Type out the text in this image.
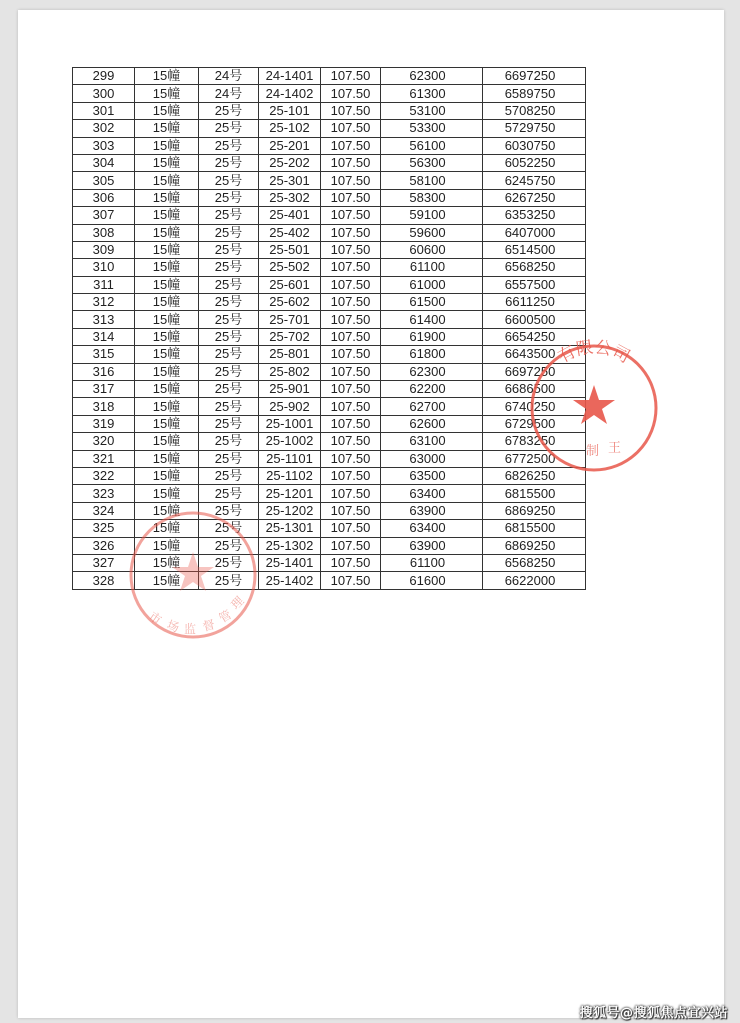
299	15幢	24号	24-1401	107.50	62300	6697250
300	15幢	24号	24-1402	107.50	61300	6589750
301	15幢	25号	25-101	107.50	53100	5708250
302	15幢	25号	25-102	107.50	53300	5729750
303	15幢	25号	25-201	107.50	56100	6030750
304	15幢	25号	25-202	107.50	56300	6052250
305	15幢	25号	25-301	107.50	58100	6245750
306	15幢	25号	25-302	107.50	58300	6267250
307	15幢	25号	25-401	107.50	59100	6353250
308	15幢	25号	25-402	107.50	59600	6407000
309	15幢	25号	25-501	107.50	60600	6514500
310	15幢	25号	25-502	107.50	61100	6568250
311	15幢	25号	25-601	107.50	61000	6557500
312	15幢	25号	25-602	107.50	61500	6611250
313	15幢	25号	25-701	107.50	61400	6600500
314	15幢	25号	25-702	107.50	61900	6654250
315	15幢	25号	25-801	107.50	61800	6643500
316	15幢	25号	25-802	107.50	62300	6697250
317	15幢	25号	25-901	107.50	62200	6686500
318	15幢	25号	25-902	107.50	62700	6740250
319	15幢	25号	25-1001	107.50	62600	6729500
320	15幢	25号	25-1002	107.50	63100	6783250
321	15幢	25号	25-1101	107.50	63000	6772500
322	15幢	25号	25-1102	107.50	63500	6826250
323	15幢	25号	25-1201	107.50	63400	6815500
324	15幢	25号	25-1202	107.50	63900	6869250
325	15幢	25号	25-1301	107.50	63400	6815500
326	15幢	25号	25-1302	107.50	63900	6869250
327	15幢	25号	25-1401	107.50	61100	6568250
328	15幢	25号	25-1402	107.50	61600	6622000
有限公司
制 王
市 场 监 督 管
理
搜狐号@搜狐焦点宜兴站
